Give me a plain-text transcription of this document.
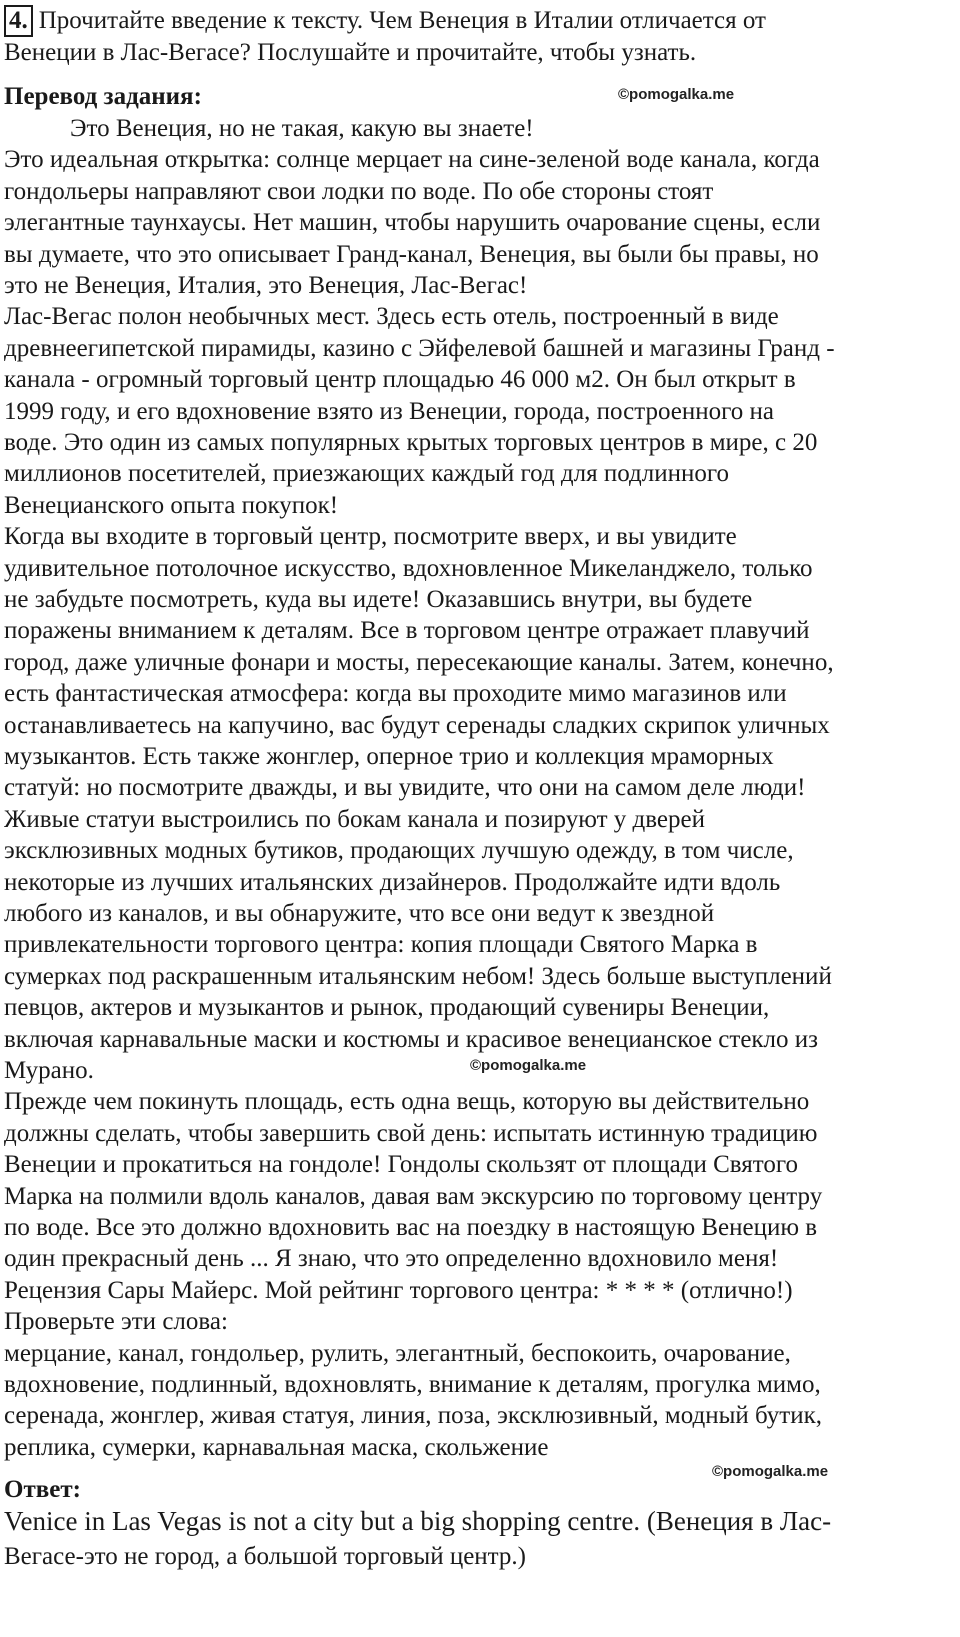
4. Прочитайте введение к тексту. Чем Венеция в Италии отличается от
Венеции в Лас-Вегасе? Послушайте и прочитайте, чтобы узнать.
Перевод задания:	©pomogalka.me
Это Венеция, но не такая, какую вы знаете!
Это идеальная открытка: солнце мерцает на сине-зеленой воде канала, когда
гондольеры направляют свои лодки по воде. По обе стороны стоят
элегантные таунхаусы. Нет машин, чтобы нарушить очарование сцены, если
вы думаете, что это описывает Гранд-канал, Венеция, вы были бы правы, но
это не Венеция, Италия, это Венеция, Лас-Вегас!
Лас-Вегас полон необычных мест. Здесь есть отель, построенный в виде
древнеегипетской пирамиды, казино с Эйфелевой башней и магазины Гранд -
канала - огромный торговый центр площадью 46 000 м2. Он был открыт в
1999 году, и его вдохновение взято из Венеции, города, построенного на
воде. Это один из самых популярных крытых торговых центров в мире, с 20
миллионов посетителей, приезжающих каждый год для подлинного
Венецианского опыта покупок!
Когда вы входите в торговый центр, посмотрите вверх, и вы увидите
удивительное потолочное искусство, вдохновленное Микеланджело, только
не забудьте посмотреть, куда вы идете! Оказавшись внутри, вы будете
поражены вниманием к деталям. Все в торговом центре отражает плавучий
город, даже уличные фонари и мосты, пересекающие каналы. Затем, конечно,
есть фантастическая атмосфера: когда вы проходите мимо магазинов или
останавливаетесь на капучино, вас будут серенады сладких скрипок уличных
музыкантов. Есть также жонглер, оперное трио и коллекция мраморных
статуй: но посмотрите дважды, и вы увидите, что они на самом деле люди!
Живые статуи выстроились по бокам канала и позируют у дверей
эксклюзивных модных бутиков, продающих лучшую одежду, в том числе,
некоторые из лучших итальянских дизайнеров. Продолжайте идти вдоль
любого из каналов, и вы обнаружите, что все они ведут к звездной
привлекательности торгового центра: копия площади Святого Марка в
сумерках под раскрашенным итальянским небом! Здесь больше выступлений
певцов, актеров и музыкантов и рынок, продающий сувениры Венеции,
включая карнавальные маски и костюмы и красивое венецианское стекло из
Мурано.
Прежде чем покинуть площадь, есть одна вещь, которую вы действительно
должны сделать, чтобы завершить свой день: испытать истинную традицию
Венеции и прокатиться на гондоле! Гондолы скользят от площади Святого
Марка на полмили вдоль каналов, давая вам экскурсию по торговому центру
по воде. Все это должно вдохновить вас на поездку в настоящую Венецию в
один прекрасный день ... Я знаю, что это определенно вдохновило меня!
Рецензия Сары Майерс. Мой рейтинг торгового центра: * * * * (отлично!)
Проверьте эти слова:
мерцание, канал, гондольер, рулить, элегантный, беспокоить, очарование,
вдохновение, подлинный, вдохновлять, внимание к деталям, прогулка мимо,
серенада, жонглер, живая статуя, линия, поза, эксклюзивный, модный бутик,
реплика, сумерки, карнавальная маска, скольжение
©pomogalka.me
Ответ:
©pomogalka.me
Venice in Las Vegas is not a city but a big shopping centre. (Венеция в Лас-
Вегасе-это не город, а большой торговый центр.)
